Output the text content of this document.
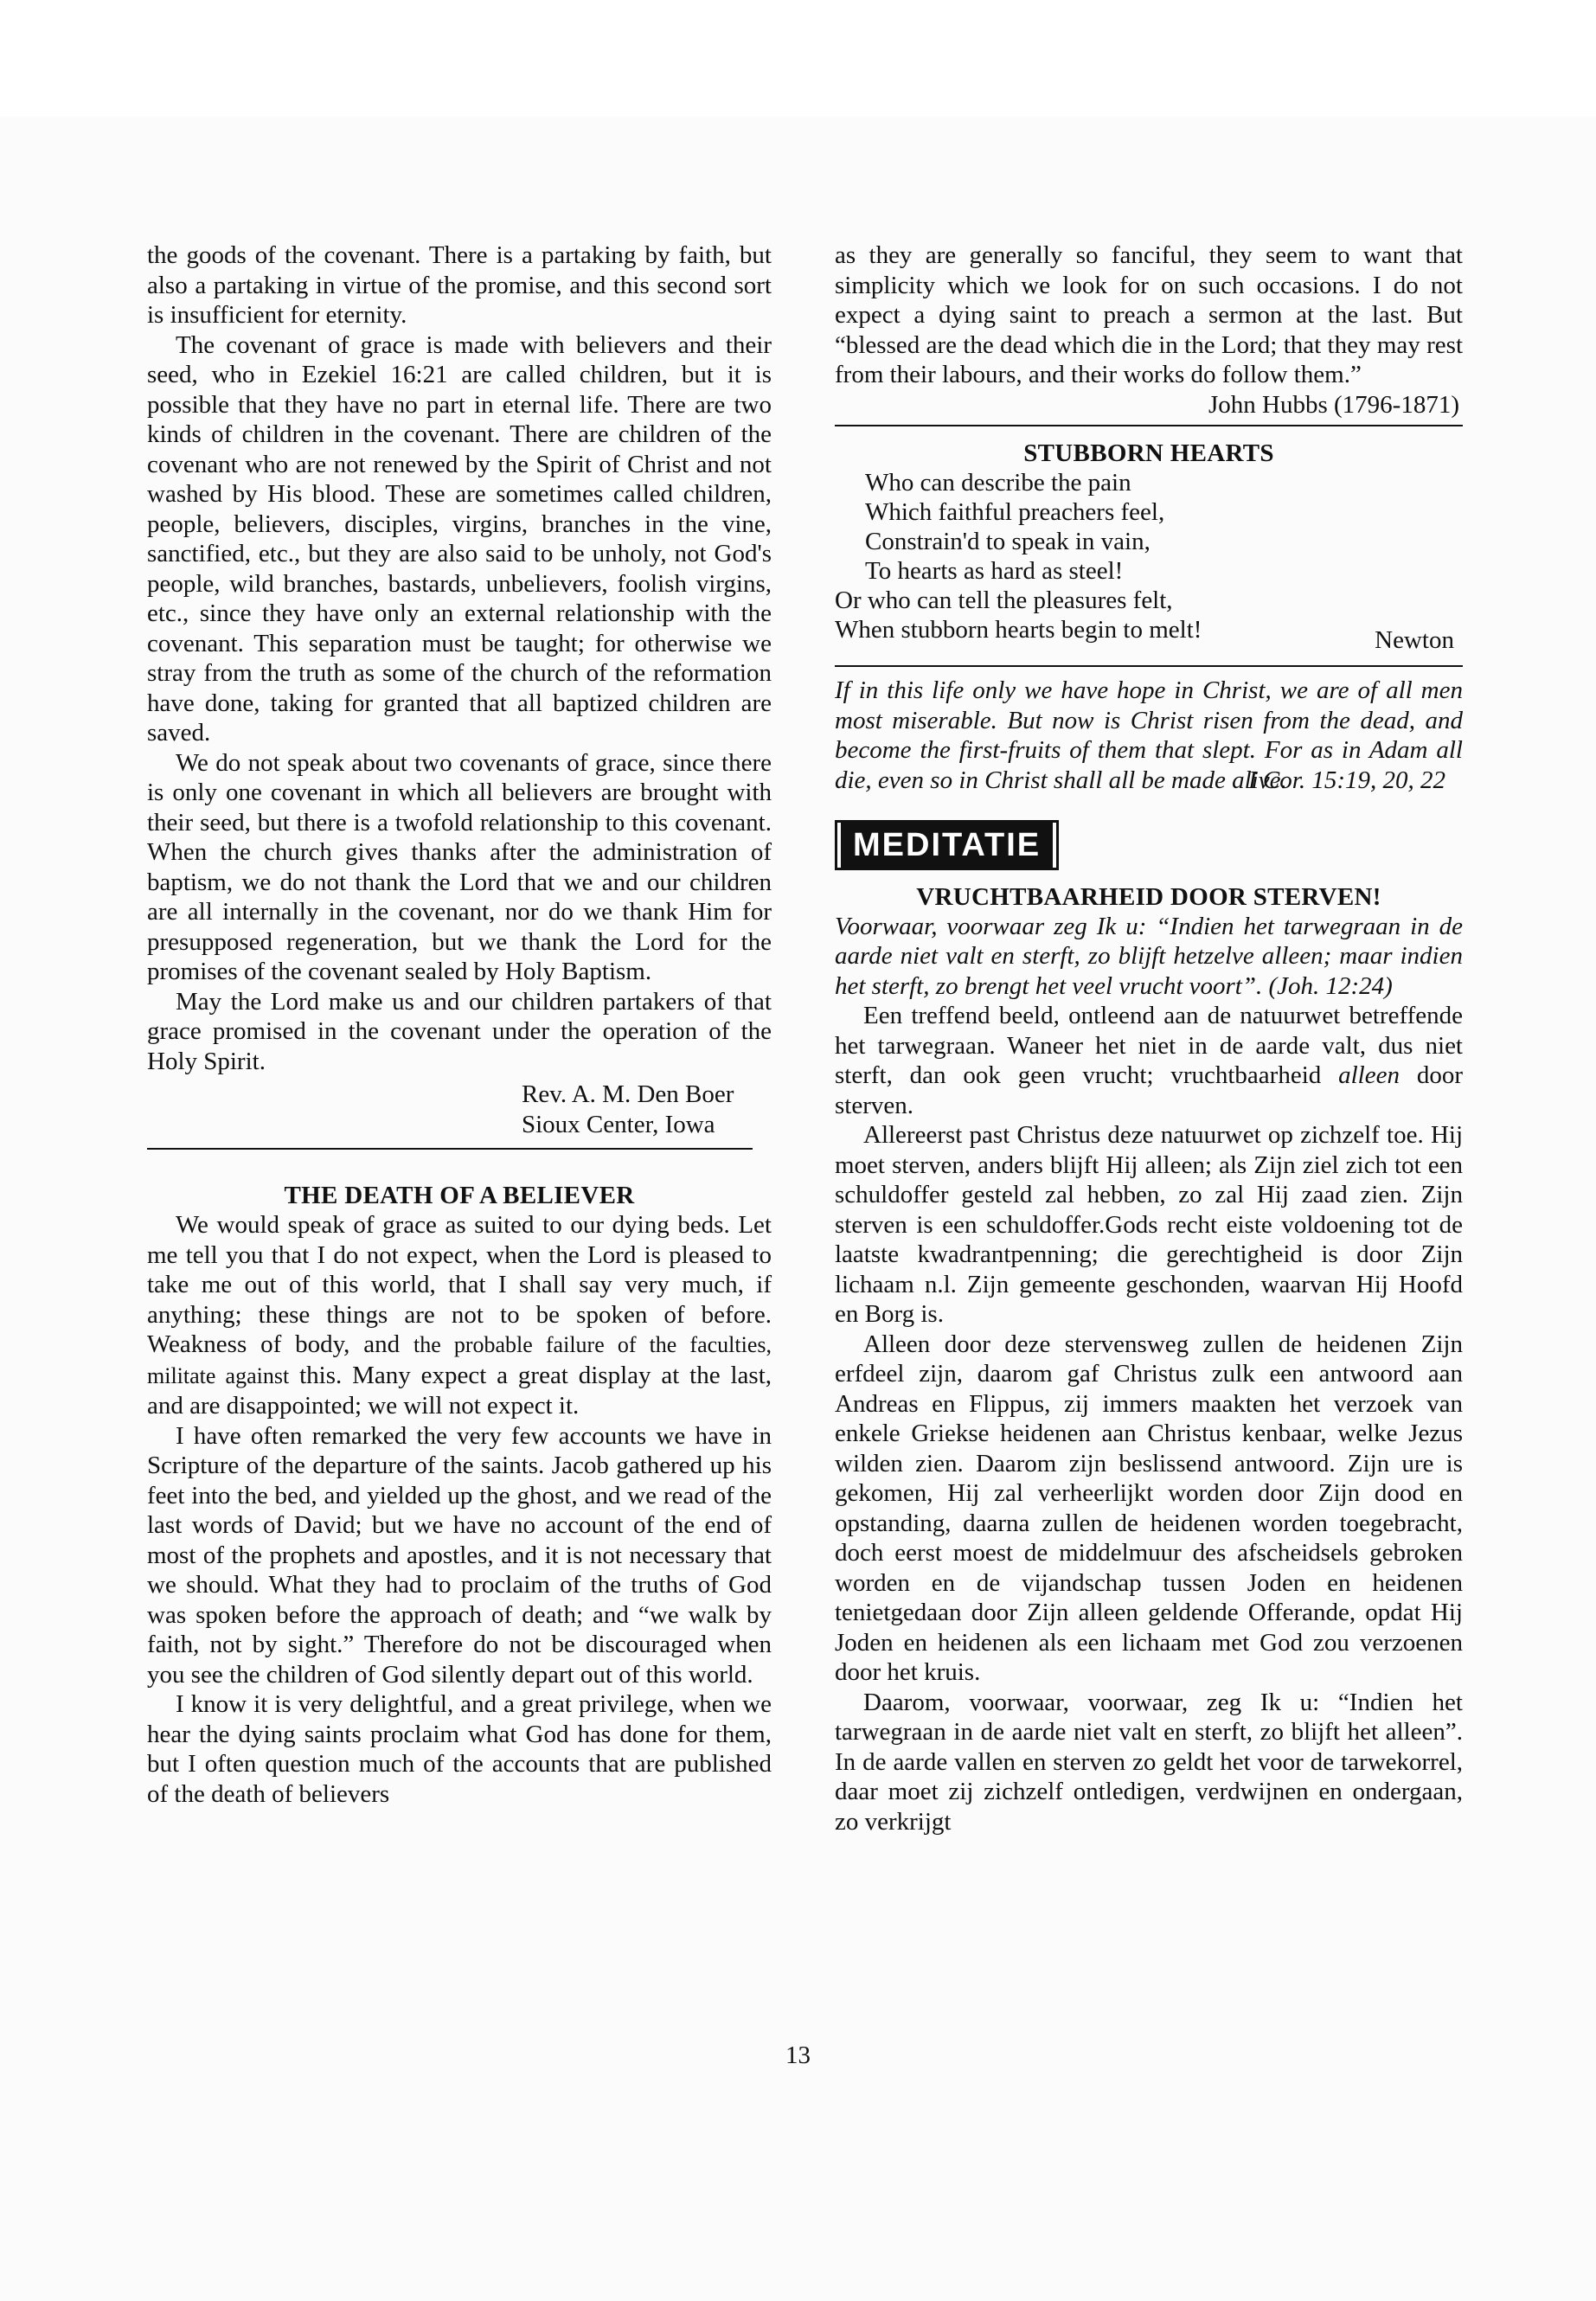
the goods of the covenant. There is a partaking by faith, but also a partaking in virtue of the promise, and this second sort is insufficient for eternity.

The covenant of grace is made with believers and their seed, who in Ezekiel 16:21 are called children, but it is possible that they have no part in eternal life. There are two kinds of children in the covenant. There are children of the covenant who are not renewed by the Spirit of Christ and not washed by His blood. These are sometimes called children, people, believers, disciples, virgins, branches in the vine, sanctified, etc., but they are also said to be unholy, not God's people, wild branches, bastards, unbelievers, foolish virgins, etc., since they have only an external relationship with the covenant. This separation must be taught; for otherwise we stray from the truth as some of the church of the reformation have done, taking for granted that all baptized children are saved.

We do not speak about two covenants of grace, since there is only one covenant in which all believers are brought with their seed, but there is a twofold relationship to this covenant. When the church gives thanks after the administration of baptism, we do not thank the Lord that we and our children are all internally in the covenant, nor do we thank Him for presupposed regeneration, but we thank the Lord for the promises of the covenant sealed by Holy Baptism.

May the Lord make us and our children partakers of that grace promised in the covenant under the operation of the Holy Spirit.

Rev. A. M. Den Boer
Sioux Center, Iowa
THE DEATH OF A BELIEVER

We would speak of grace as suited to our dying beds. Let me tell you that I do not expect, when the Lord is pleased to take me out of this world, that I shall say very much, if anything; these things are not to be spoken of before. Weakness of body, and the probable failure of the faculties, militate against this. Many expect a great display at the last, and are disappointed; we will not expect it.

I have often remarked the very few accounts we have in Scripture of the departure of the saints. Jacob gathered up his feet into the bed, and yielded up the ghost, and we read of the last words of David; but we have no account of the end of most of the prophets and apostles, and it is not necessary that we should. What they had to proclaim of the truths of God was spoken before the approach of death; and “we walk by faith, not by sight.” Therefore do not be discouraged when you see the children of God silently depart out of this world.

I know it is very delightful, and a great privilege, when we hear the dying saints proclaim what God has done for them, but I often question much of the accounts that are published of the death of believers

as they are generally so fanciful, they seem to want that simplicity which we look for on such occasions. I do not expect a dying saint to preach a sermon at the last. But “blessed are the dead which die in the Lord; that they may rest from their labours, and their works do follow them.”

John Hubbs (1796-1871)
STUBBORN HEARTS
Who can describe the pain
Which faithful preachers feel,
Constrain'd to speak in vain,
To hearts as hard as steel!
Or who can tell the pleasures felt,
When stubborn hearts begin to melt!	Newton

If in this life only we have hope in Christ, we are of all men most miserable. But now is Christ risen from the dead, and become the first-fruits of them that slept. For as in Adam all die, even so in Christ shall all be made alive.

I Cor. 15:19, 20, 22
MEDITATIE
VRUCHTBAARHEID DOOR STERVEN!

Voorwaar, voorwaar zeg Ik u: “Indien het tarwegraan in de aarde niet valt en sterft, zo blijft hetzelve alleen; maar indien het sterft, zo brengt het veel vrucht voort”. (Joh. 12:24)

Een treffend beeld, ontleend aan de natuurwet betreffende het tarwegraan. Waneer het niet in de aarde valt, dus niet sterft, dan ook geen vrucht; vruchtbaarheid alleen door sterven.

Allereerst past Christus deze natuurwet op zichzelf toe. Hij moet sterven, anders blijft Hij alleen; als Zijn ziel zich tot een schuldoffer gesteld zal hebben, zo zal Hij zaad zien. Zijn sterven is een schuldoffer.Gods recht eiste voldoening tot de laatste kwadrantpenning; die gerechtigheid is door Zijn lichaam n.l. Zijn gemeente geschonden, waarvan Hij Hoofd en Borg is.

Alleen door deze stervensweg zullen de heidenen Zijn erfdeel zijn, daarom gaf Christus zulk een antwoord aan Andreas en Flippus, zij immers maakten het verzoek van enkele Griekse heidenen aan Christus kenbaar, welke Jezus wilden zien. Daarom zijn beslissend antwoord. Zijn ure is gekomen, Hij zal verheerlijkt worden door Zijn dood en opstanding, daarna zullen de heidenen worden toegebracht, doch eerst moest de middelmuur des afscheidsels gebroken worden en de vijandschap tussen Joden en heidenen tenietgedaan door Zijn alleen geldende Offerande, opdat Hij Joden en heidenen als een lichaam met God zou verzoenen door het kruis.

Daarom, voorwaar, voorwaar, zeg Ik u: “Indien het tarwegraan in de aarde niet valt en sterft, zo blijft het alleen”. In de aarde vallen en sterven zo geldt het voor de tarwekorrel, daar moet zij zichzelf ontledigen, verdwijnen en ondergaan, zo verkrijgt

13
